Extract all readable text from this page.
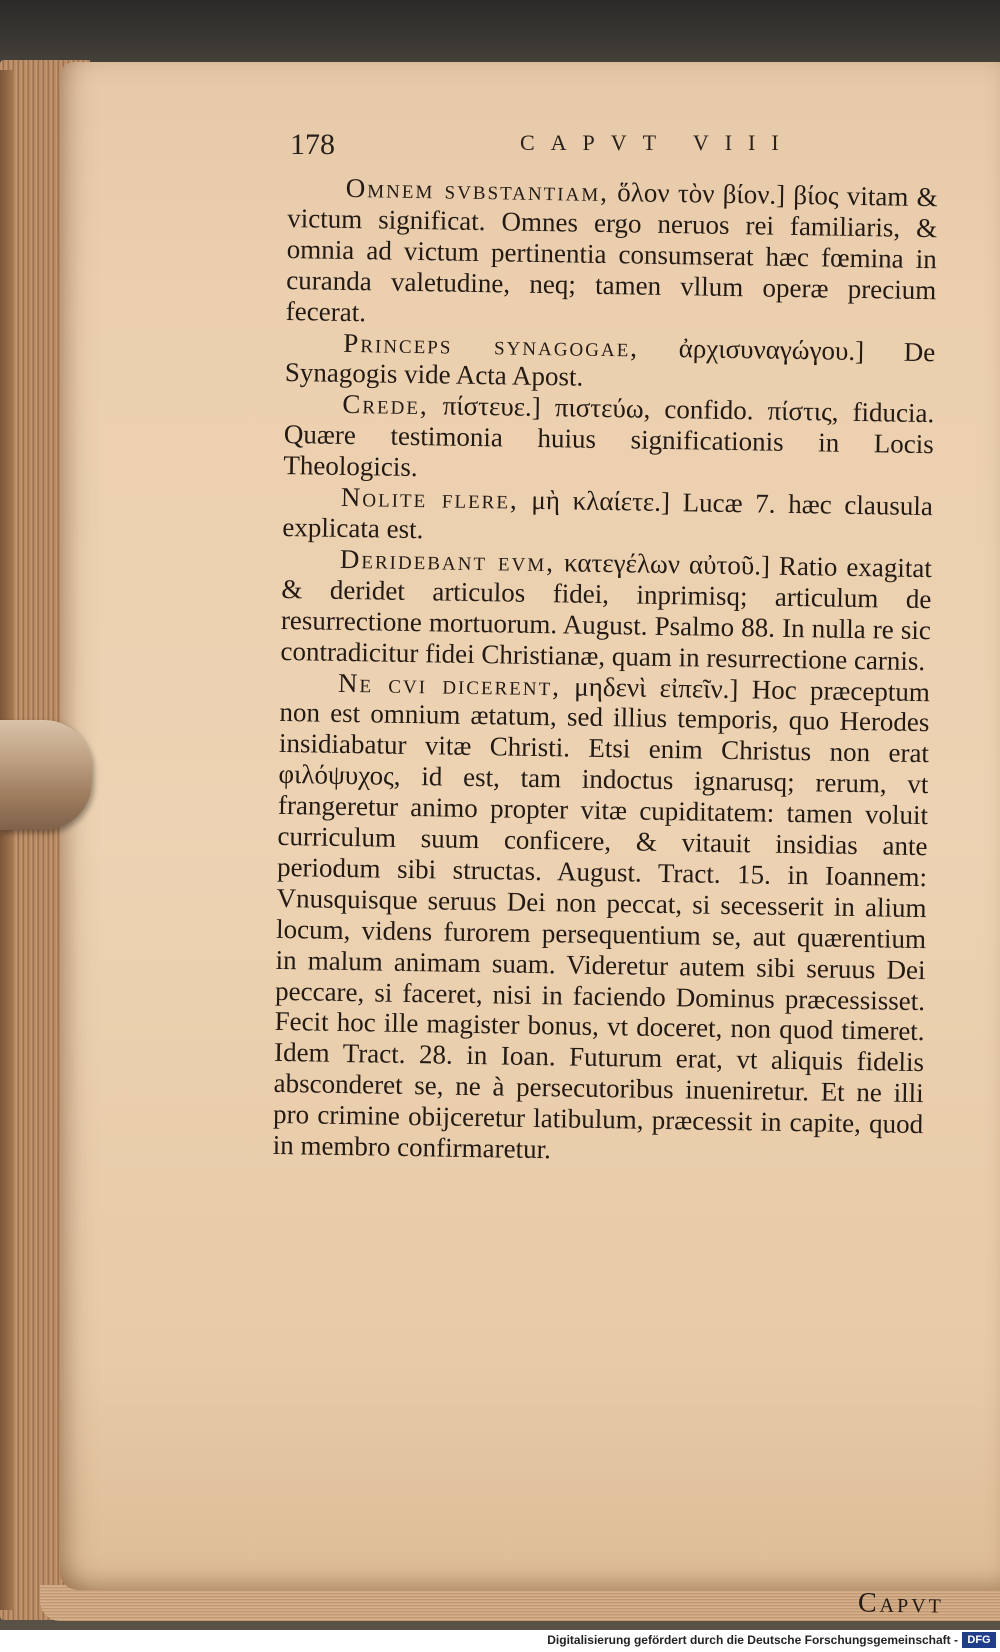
178	CAPVT VIII

Omnem svbstantiam, ὅλον τὸν βίον.] βίος vitam & victum significat. Omnes ergo neruos rei familiaris, & omnia ad victum pertinentia consumserat hæc fœmina in curanda valetudine, neq; tamen vllum operæ precium fecerat.

Princeps synagogae, ἀρχισυναγώγου.] De Synagogis vide Acta Apost.

Crede, πίστευε.] πιστεύω, confido. πίστις, fiducia. Quære testimonia huius significationis in Locis Theologicis.

Nolite flere, μὴ κλαίετε.] Lucæ 7. hæc clausula explicata est.

Deridebant evm, κατεγέλων αὐτοῦ.] Ratio exagitat & deridet articulos fidei, inprimisq; articulum de resurrectione mortuorum. August. Psalmo 88. In nulla re sic contradicitur fidei Christianæ, quam in resurrectione carnis.

Ne cvi dicerent, μηδενὶ εἰπεῖν.] Hoc præceptum non est omnium ætatum, sed illius temporis, quo Herodes insidiabatur vitæ Christi. Etsi enim Christus non erat φιλόψυχος, id est, tam indoctus ignarusq; rerum, vt frangeretur animo propter vitæ cupiditatem: tamen voluit curriculum suum conficere, & vitauit insidias ante periodum sibi structas. August. Tract. 15. in Ioannem: Vnusquisque seruus Dei non peccat, si secesserit in alium locum, videns furorem persequentium se, aut quærentium in malum animam suam. Videretur autem sibi seruus Dei peccare, si faceret, nisi in faciendo Dominus præcessisset. Fecit hoc ille magister bonus, vt doceret, non quod timeret. Idem Tract. 28. in Ioan. Futurum erat, vt aliquis fidelis absconderet se, ne à persecutoribus inueniretur. Et ne illi pro crimine obijceretur latibulum, præcessit in capite, quod in membro confirmaretur.

Capvt
Digitalisierung gefördert durch die Deutsche Forschungsgemeinschaft - DFG
